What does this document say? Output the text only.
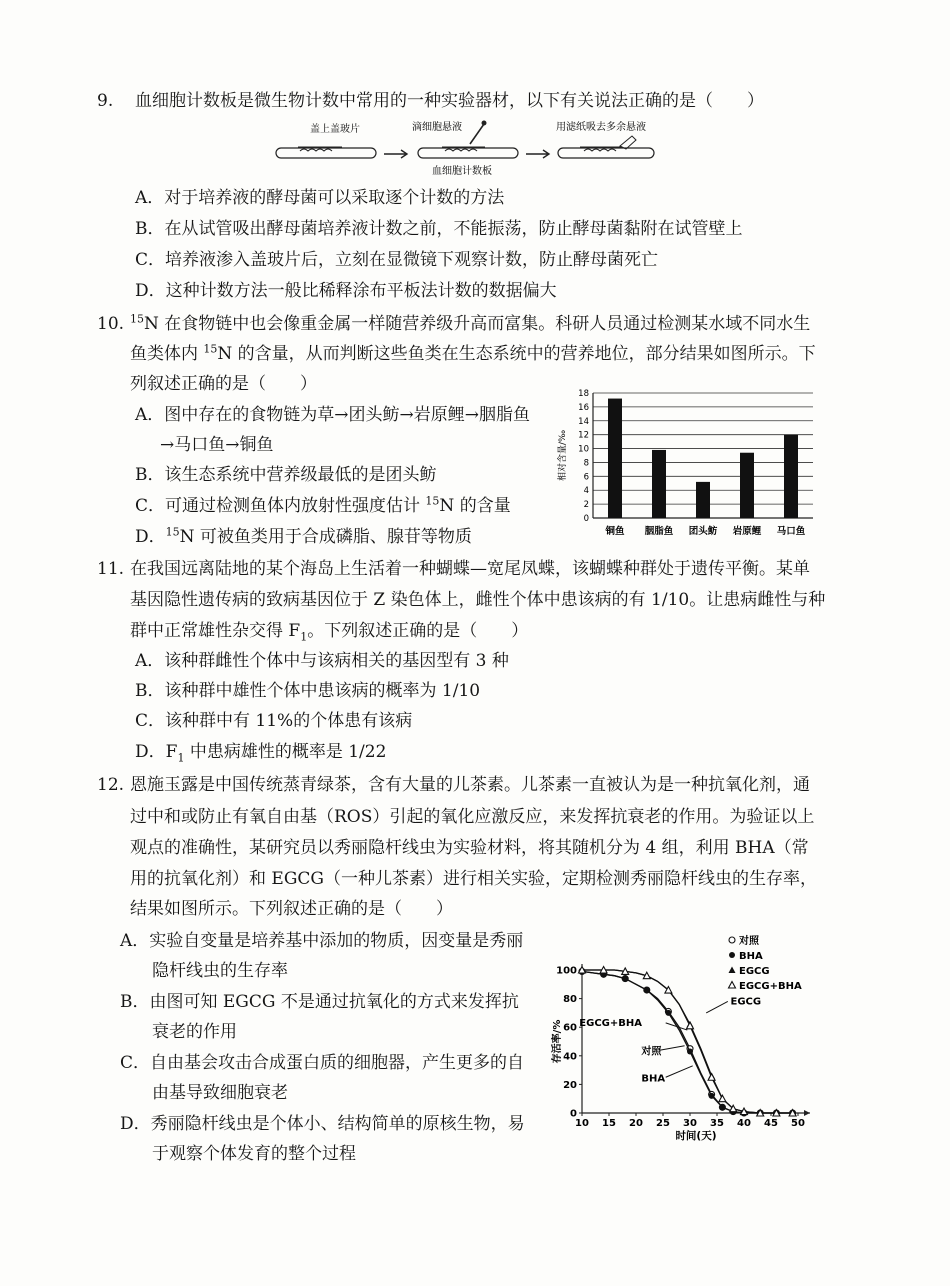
9. 血细胞计数板是微生物计数中常用的一种实验器材，以下有关说法正确的是（　　）
盖上盖玻片	滴细胞悬液
血细胞计数板
用滤纸吸去多余悬液
A．对于培养液的酵母菌可以采取逐个计数的方法
B．在从试管吸出酵母菌培养液计数之前，不能振荡，防止酵母菌黏附在试管壁上
C．培养液渗入盖玻片后，立刻在显微镜下观察计数，防止酵母菌死亡
D．这种计数方法一般比稀释涂布平板法计数的数据偏大
10. $^{15}$N 在食物链中也会像重金属一样随营养级升高而富集。科研人员通过检测某水域不同水生
鱼类体内 $^{15}$N 的含量，从而判断这些鱼类在生态系统中的营养地位，部分结果如图所示。下
列叙述正确的是（　　）
A．图中存在的食物链为草→团头鲂→岩原鲤→胭脂鱼
→马口鱼→铜鱼
B．该生态系统中营养级最低的是团头鲂
C．可通过检测鱼体内放射性强度估计 $^{15}$N 的含量
D．$^{15}$N 可被鱼类用于合成磷脂、腺苷等物质
0
2
4
6
8
10
12
14
16
18
铜鱼 胭脂鱼 团头鲂 岩原鲤 马口鱼
相对含量/‰
11. 在我国远离陆地的某个海岛上生活着一种蝴蝶—宽尾凤蝶，该蝴蝶种群处于遗传平衡。某单
基因隐性遗传病的致病基因位于 Z 染色体上，雌性个体中患该病的有 1/10。让患病雌性与种
群中正常雄性杂交得 $F_1$。下列叙述正确的是（　　）
A．该种群雌性个体中与该病相关的基因型有 3 种
B．该种群中雄性个体中患该病的概率为 1/10
C．该种群中有 11%的个体患有该病
D．$F_1$ 中患病雄性的概率是 1/22
12. 恩施玉露是中国传统蒸青绿茶，含有大量的儿茶素。儿茶素一直被认为是一种抗氧化剂，通
过中和或防止有氧自由基（ROS）引起的氧化应激反应，来发挥抗衰老的作用。为验证以上
观点的准确性，某研究员以秀丽隐杆线虫为实验材料，将其随机分为 4 组，利用 BHA（常
用的抗氧化剂）和 EGCG（一种儿茶素）进行相关实验，定期检测秀丽隐杆线虫的生存率，
结果如图所示。下列叙述正确的是（　　）
A．实验自变量是培养基中添加的物质，因变量是秀丽
隐杆线虫的生存率
B．由图可知 EGCG 不是通过抗氧化的方式来发挥抗
衰老的作用
C．自由基会攻击合成蛋白质的细胞器，产生更多的自
由基导致细胞衰老
D．秀丽隐杆线虫是个体小、结构简单的原核生物，易
于观察个体发育的整个过程
0
20
40
60
80
100
10 15 20 25 30 35 40 45 50
时间(天)
存活率/%
对照
BHA
EGCG
EGCG+BHA
EGCG
EGCG+BHA
对照
BHA
